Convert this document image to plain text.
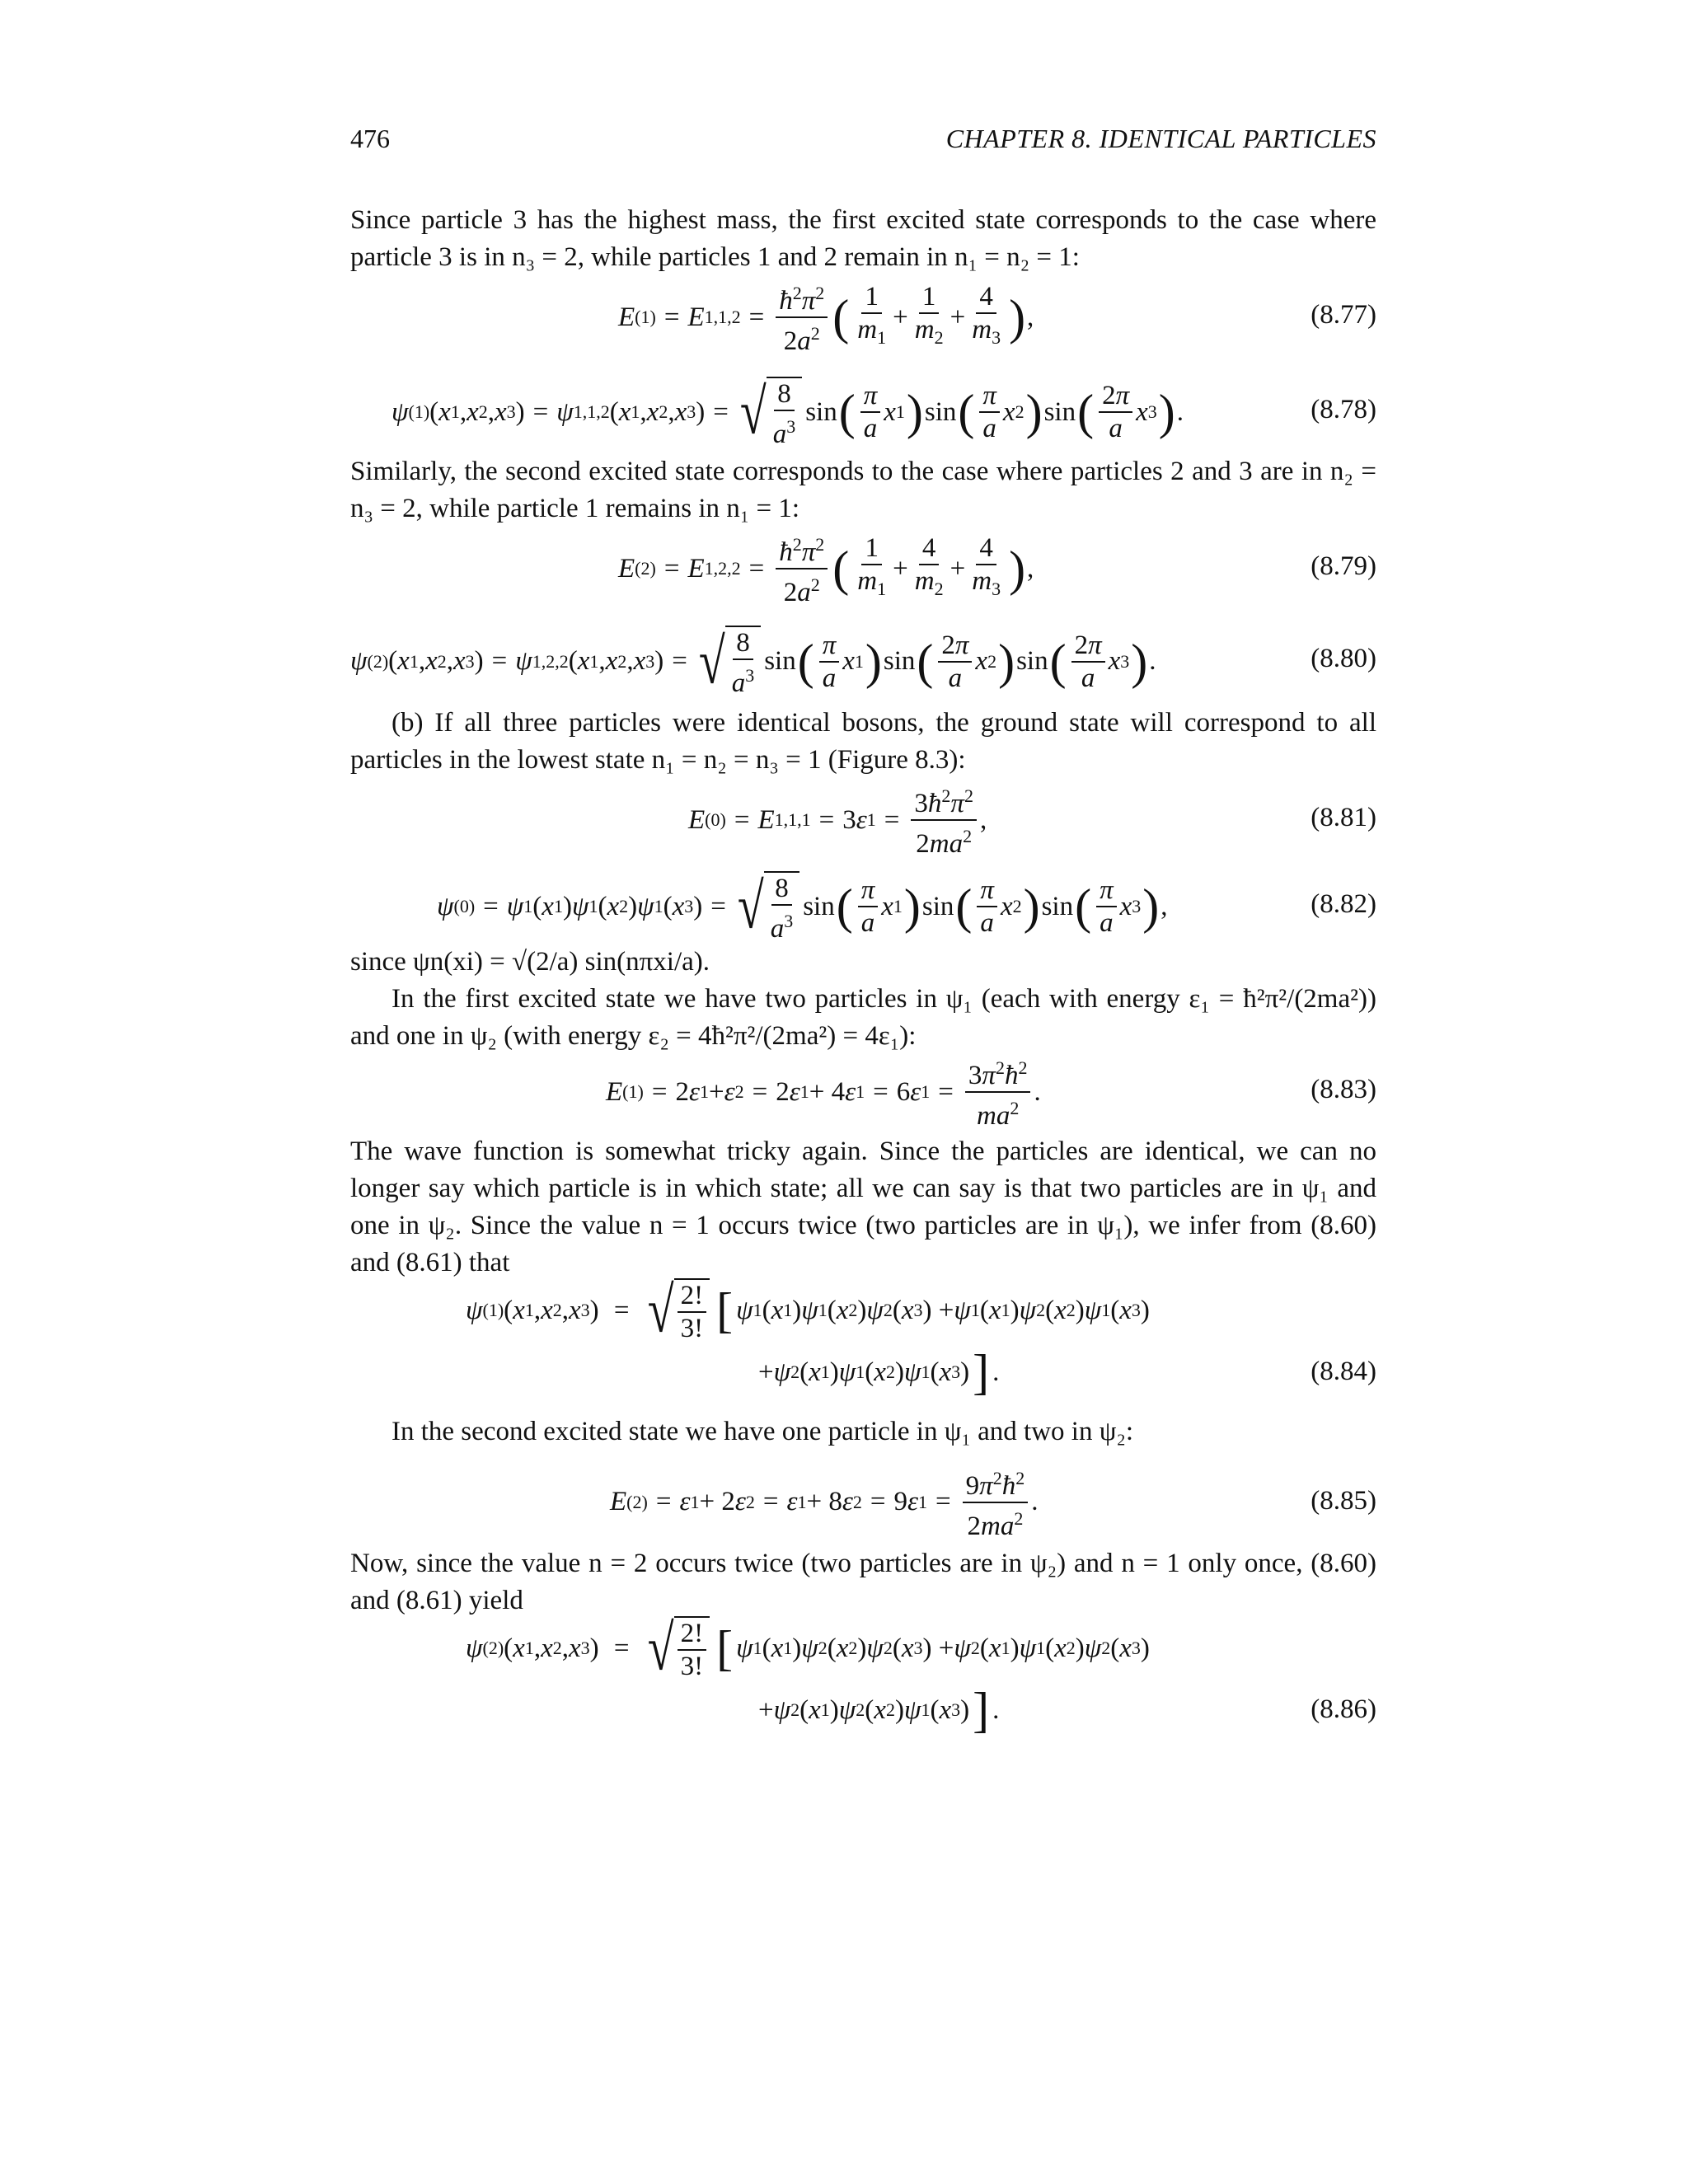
476	CHAPTER 8. IDENTICAL PARTICLES
Since particle 3 has the highest mass, the first excited state corresponds to the case where particle 3 is in n₃ = 2, while particles 1 and 2 remain in n₁ = n₂ = 1:
E (1) = E $1,1,2 = \frac{ħ^2\pi^2}{2a^2}$ ( $\frac{1}{m_1} + \frac{1}{m_2} + \frac{4}{m_3}$ ) ,	(8.77)
ψ (1) ( x 1 , x 2 , x 3 ) = ψ 1,1,2 ( x 1 , x 2 , x 3 ) = √ $\frac{8}{a^3}$ sin ( $\frac{\pi}{a}$ x 1 ) sin ( $\frac{\pi}{a}$ x 2 ) sin ( $\frac{2\pi}{a}$ x 3 ) .	(8.78)
Similarly, the second excited state corresponds to the case where particles 2 and 3 are in n₂ = n₃ = 2, while particle 1 remains in n₁ = 1:
E (2) = E $1,2,2 = \frac{ħ^2\pi^2}{2a^2}$ ( $\frac{1}{m_1} + \frac{4}{m_2} + \frac{4}{m_3}$ ) ,	(8.79)
ψ (2) ( x 1 , x 2 , x 3 ) = ψ 1,2,2 ( x 1 , x 2 , x 3 ) = √ $\frac{8}{a^3}$ sin ( $\frac{\pi}{a}$ x 1 ) sin ( $\frac{2\pi}{a}$ x 2 ) sin ( $\frac{2\pi}{a}$ x 3 ) .	(8.80)
(b) If all three particles were identical bosons, the ground state will correspond to all particles in the lowest state n₁ = n₂ = n₃ = 1 (Figure 8.3):
E (0) = E 1,1,1 = 3 ε $1 = \frac{3ħ^2\pi^2}{2ma^2}$ ,	(8.81)
ψ (0) = ψ 1 ( x 1 ) ψ 1 ( x 2 ) ψ 1 ( x 3 ) = √ $\frac{8}{a^3}$ sin ( $\frac{\pi}{a}$ x 1 ) sin ( $\frac{\pi}{a}$ x 2 ) sin ( $\frac{\pi}{a}$ x 3 ) ,	(8.82)
since ψn(xi) = √(2/a) sin(nπxi/a).
In the first excited state we have two particles in ψ₁ (each with energy ε₁ = ħ²π²/(2ma²)) and one in ψ₂ (with energy ε₂ = 4ħ²π²/(2ma²) = 4ε₁):
E (1) = 2 ε 1 + ε 2 = 2 ε 1 + 4 ε 1 = 6 ε $1 = \frac{3\pi^2ħ^2}{ma^2}$ .	(8.83)
The wave function is somewhat tricky again. Since the particles are identical, we can no longer say which particle is in which state; all we can say is that two particles are in ψ₁ and one in ψ₂. Since the value n = 1 occurs twice (two particles are in ψ₁), we infer from (8.60) and (8.61) that
ψ (1) ( x 1 , x 2 , x 3 ) = √ $\frac{2!}{3!}$ [ ψ 1 ( x 1 ) ψ 1 ( x 2 ) ψ 2 ( x 3 ) + ψ 1 ( x 1 ) ψ 2 ( x 2 ) ψ 1 ( x 3 )
+ ψ 2 ( x 1 ) ψ 1 ( x 2 ) ψ 1 ( x 3 ) ] .	(8.84)
In the second excited state we have one particle in ψ₁ and two in ψ₂:
E (2) = ε 1 + 2 ε 2 = ε 1 + 8 ε 2 = 9 ε $1 = \frac{9\pi^2ħ^2}{2ma^2}$ .	(8.85)
Now, since the value n = 2 occurs twice (two particles are in ψ₂) and n = 1 only once, (8.60) and (8.61) yield
ψ (2) ( x 1 , x 2 , x 3 ) = √ $\frac{2!}{3!}$ [ ψ 1 ( x 1 ) ψ 2 ( x 2 ) ψ 2 ( x 3 ) + ψ 2 ( x 1 ) ψ 1 ( x 2 ) ψ 2 ( x 3 )
+ ψ 2 ( x 1 ) ψ 2 ( x 2 ) ψ 1 ( x 3 ) ] .	(8.86)
